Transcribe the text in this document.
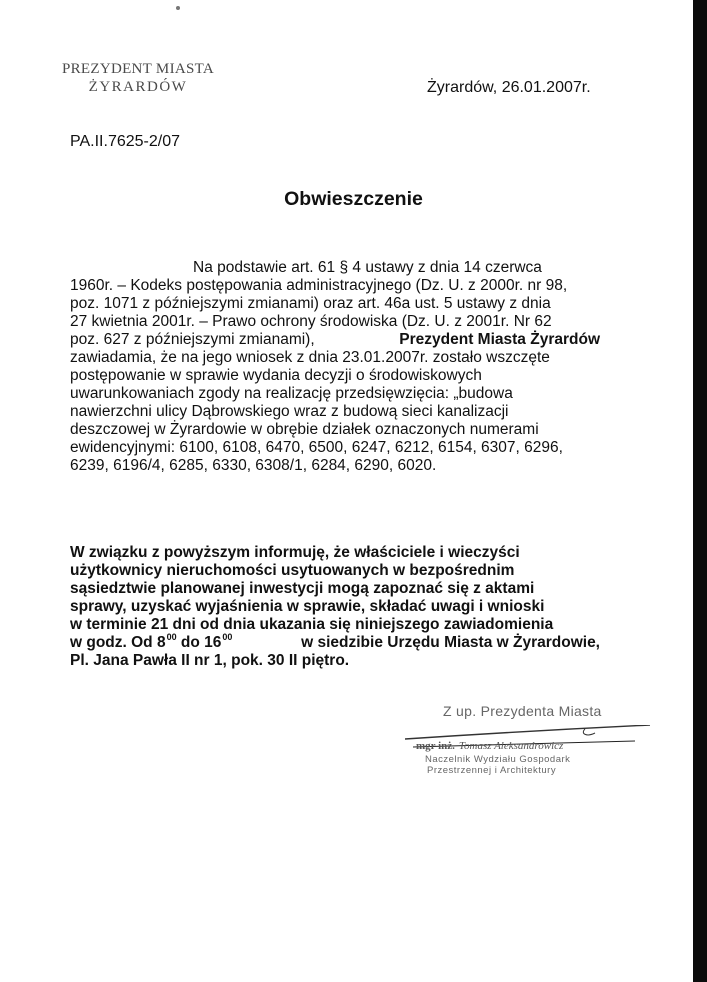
PREZYDENT MIASTA
ŻYRARDÓW	Żyrardów, 26.01.2007r.
PA.II.7625-2/07
Obwieszczenie
Na podstawie art. 61 § 4 ustawy z dnia 14 czerwca
1960r. – Kodeks postępowania administracyjnego (Dz. U. z 2000r. nr 98,
poz. 1071 z późniejszymi zmianami) oraz art. 46a ust. 5 ustawy z dnia
27 kwietnia 2001r. – Prawo ochrony środowiska (Dz. U. z 2001r. Nr 62
poz. 627 z późniejszymi zmianami),	Prezydent Miasta Żyrardów
zawiadamia, że na jego wniosek z dnia 23.01.2007r. zostało wszczęte
postępowanie w sprawie wydania decyzji o środowiskowych
uwarunkowaniach zgody na realizację przedsięwzięcia: „budowa
nawierzchni ulicy Dąbrowskiego wraz z budową sieci kanalizacji
deszczowej w Żyrardowie w obrębie działek oznaczonych numerami
ewidencyjnymi: 6100, 6108, 6470, 6500, 6247, 6212, 6154, 6307, 6296,
6239, 6196/4, 6285, 6330, 6308/1, 6284, 6290, 6020.
W związku z powyższym informuję, że właściciele i wieczyści
użytkownicy nieruchomości usytuowanych w bezpośrednim
sąsiedztwie planowanej inwestycji mogą zapoznać się z aktami
sprawy, uzyskać wyjaśnienia w sprawie, składać uwagi i wnioski
w terminie 21 dni od dnia ukazania się niniejszego zawiadomienia
w godz. Od $8^{00}$ do $16^{00}$	w siedzibie Urzędu Miasta w Żyrardowie,
Pl. Jana Pawła II nr 1, pok. 30 II piętro.
Z up. Prezydenta Miasta
mgr inż. Tomasz Aleksandrowicz
Naczelnik Wydziału Gospodark
Przestrzennej i Architektury
